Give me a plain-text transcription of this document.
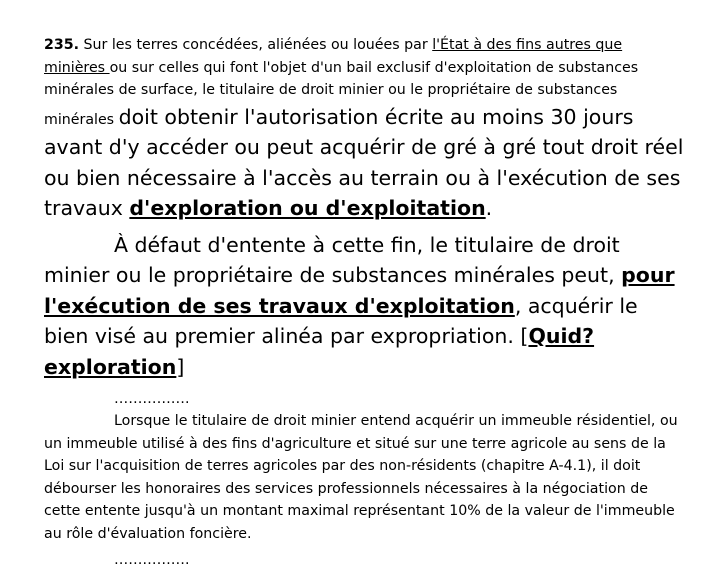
235. Sur les terres concédées, aliénées ou louées par l'État à des fins autres que minières ou sur celles qui font l'objet d'un bail exclusif d'exploitation de substances minérales de surface, le titulaire de droit minier ou le propriétaire de substances minérales doit obtenir l'autorisation écrite au moins 30 jours avant d'y accéder ou peut acquérir de gré à gré tout droit réel ou bien nécessaire à l'accès au terrain ou à l'exécution de ses travaux d'exploration ou d'exploitation.

À défaut d'entente à cette fin, le titulaire de droit minier ou le propriétaire de substances minérales peut, pour l'exécution de ses travaux d'exploitation, acquérir le bien visé au premier alinéa par expropriation. [Quid? exploration]

…………….

Lorsque le titulaire de droit minier entend acquérir un immeuble résidentiel, ou un immeuble utilisé à des fins d'agriculture et situé sur une terre agricole au sens de la Loi sur l'acquisition de terres agricoles par des non-résidents (chapitre A-4.1), il doit débourser les honoraires des services professionnels nécessaires à la négociation de cette entente jusqu'à un montant maximal représentant 10% de la valeur de l'immeuble au rôle d'évaluation foncière.

…………….
